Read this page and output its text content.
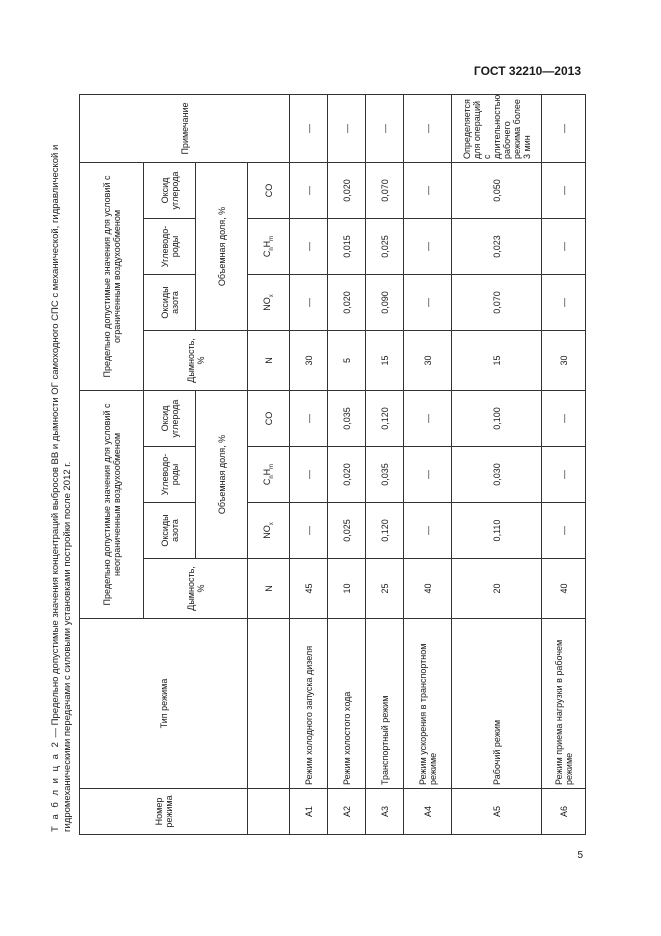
ГОСТ 32210—2013
Т а б л и ц а 2 — Предельно допустимые значения концентраций выбросов ВВ и дымности ОГ самоходного СПС с механической, гидравлической и гидромеханическими передачами с силовыми установками постройки после 2012 г.	Номер режима	Тип режима	Предельно допустимые значения для условий с неограниченным воздухообменом				Предельно допустимые значения для условий с ограниченным воздухообменом				Примечание
		Дымность, %	Оксиды азота	Углеводо-роды	Оксид углерода	Дымность, %	Оксиды азота	Углеводо-роды	Оксид углерода	
			Объемная доля, %				Объемная доля, %			
		N	$NO_x$	$C_nH_m$	CO	N	$NO_x$	$C_nH_m$	CO	
А1	Режим холодного запуска дизеля	45	—	—	—	30	—	—	—	—
А2	Режим холостого хода	10	0,025	0,020	0,035	5	0,020	0,015	0,020	—
А3	Транспортный режим	25	0,120	0,035	0,120	15	0,090	0,025	0,070	—
А4	Режим ускорения в транспортном режиме	40	—	—	—	30	—	—	—	—
А5	Рабочий режим	20	0,110	0,030	0,100	15	0,070	0,023	0,050	Определяется для операций с длительностью рабочего режима более 3 мин
А6	Режим приема нагрузки в рабочем режиме	40	—	—	—	30	—	—	—	—
5
